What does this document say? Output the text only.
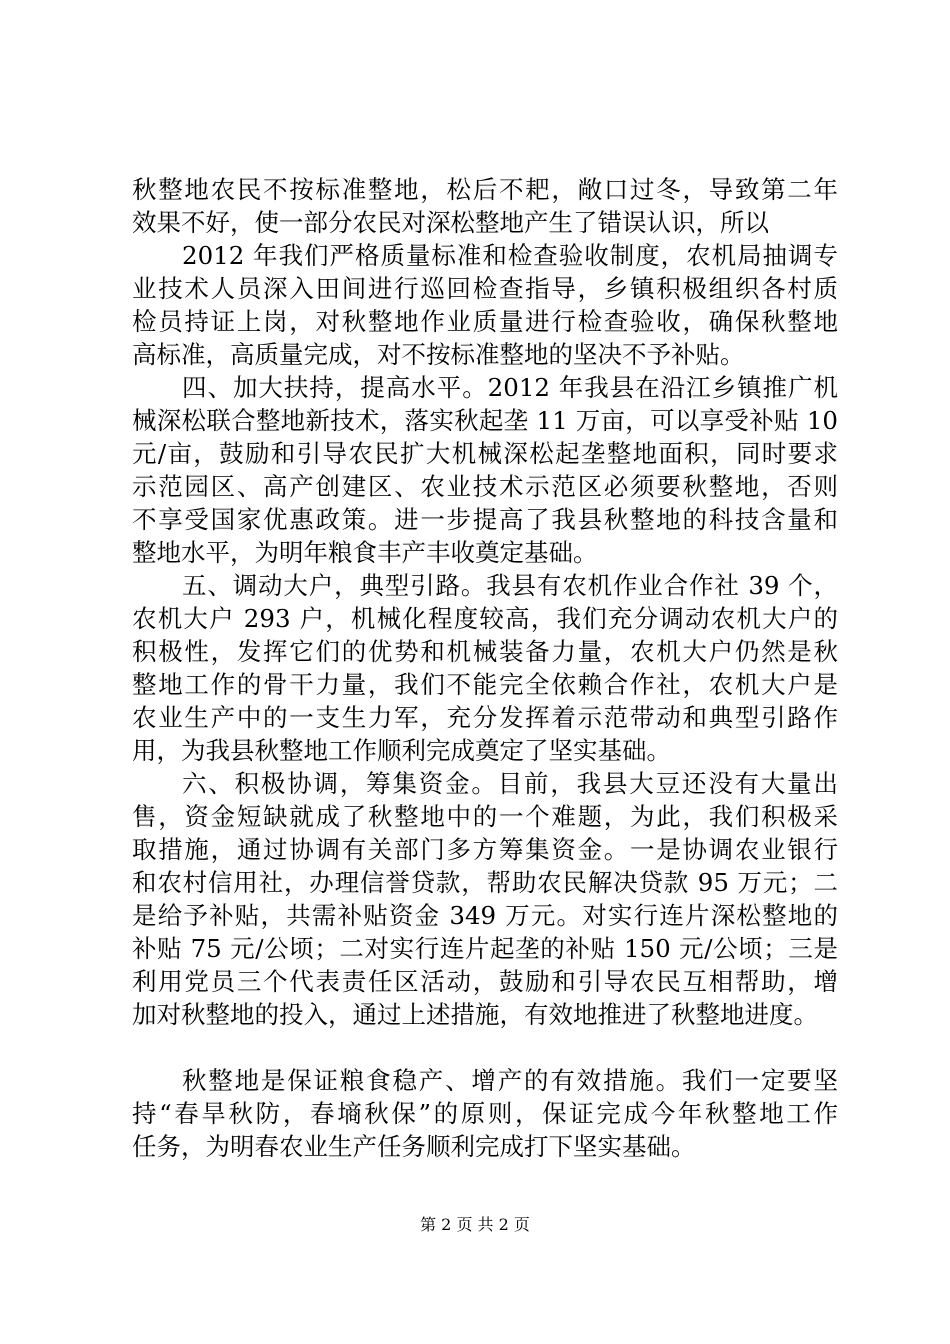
秋整地农民不按标准整地，松后不耙，敞口过冬，导致第二年
效果不好，使一部分农民对深松整地产生了错误认识，所以
2012 年我们严格质量标准和检查验收制度，农机局抽调专
业技术人员深入田间进行巡回检查指导，乡镇积极组织各村质
检员持证上岗，对秋整地作业质量进行检查验收，确保秋整地
高标准，高质量完成，对不按标准整地的坚决不予补贴。
四、加大扶持，提高水平。2012 年我县在沿江乡镇推广机
械深松联合整地新技术，落实秋起垄 11 万亩，可以享受补贴 10
元/亩，鼓励和引导农民扩大机械深松起垄整地面积，同时要求
示范园区、高产创建区、农业技术示范区必须要秋整地，否则
不享受国家优惠政策。进一步提高了我县秋整地的科技含量和
整地水平，为明年粮食丰产丰收奠定基础。
五、调动大户，典型引路。我县有农机作业合作社 39 个，
农机大户 293 户，机械化程度较高，我们充分调动农机大户的
积极性，发挥它们的优势和机械装备力量，农机大户仍然是秋
整地工作的骨干力量，我们不能完全依赖合作社，农机大户是
农业生产中的一支生力军，充分发挥着示范带动和典型引路作
用，为我县秋整地工作顺利完成奠定了坚实基础。
六、积极协调，筹集资金。目前，我县大豆还没有大量出
售，资金短缺就成了秋整地中的一个难题，为此，我们积极采
取措施，通过协调有关部门多方筹集资金。一是协调农业银行
和农村信用社，办理信誉贷款，帮助农民解决贷款 95 万元；二
是给予补贴，共需补贴资金 349 万元。对实行连片深松整地的
补贴 75 元/公顷；二对实行连片起垄的补贴 150 元/公顷；三是
利用党员三个代表责任区活动，鼓励和引导农民互相帮助，增
加对秋整地的投入，通过上述措施，有效地推进了秋整地进度。
秋整地是保证粮食稳产、增产的有效措施。我们一定要坚
持“春旱秋防，春墒秋保”的原则，保证完成今年秋整地工作
任务，为明春农业生产任务顺利完成打下坚实基础。
第 2 页 共 2 页
